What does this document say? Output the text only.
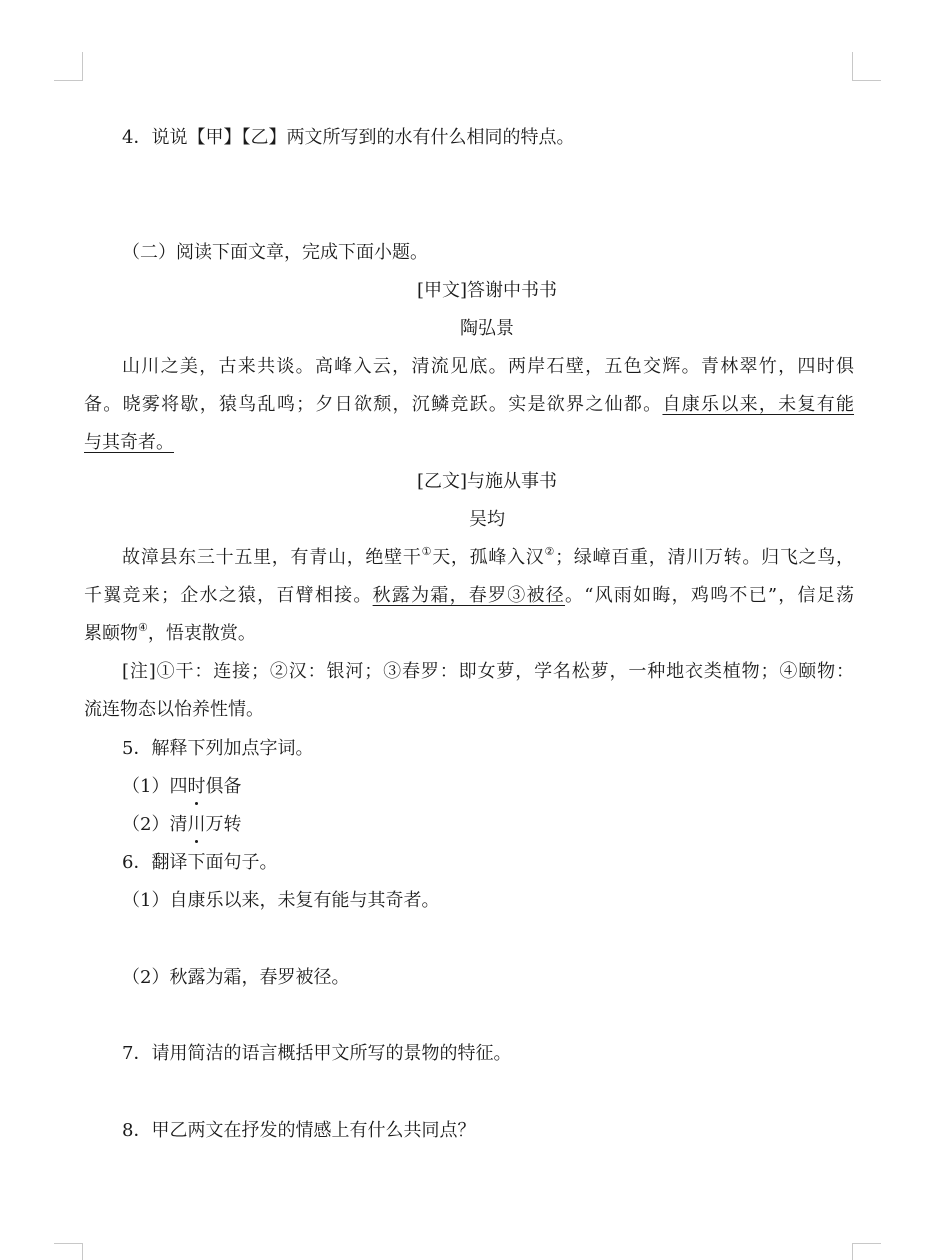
4．说说【甲】【乙】两文所写到的水有什么相同的特点。
（二）阅读下面文章，完成下面小题。
[甲文]答谢中书书
陶弘景
山川之美，古来共谈。高峰入云，清流见底。两岸石壁，五色交辉。青林翠竹，四时俱
备。晓雾将歇，猿鸟乱鸣；夕日欲颓，沉鳞竞跃。实是欲界之仙都。自康乐以来，未复有能
与其奇者。
[乙文]与施从事书
吴均
故漳县东三十五里，有青山，绝壁干①天，孤峰入汉②；绿嶂百重，清川万转。归飞之鸟，
千翼竞来；企水之猿，百臂相接。秋露为霜，春罗③被径。“风雨如晦，鸡鸣不已”，信足荡
累颐物④，悟衷散赏。
[注]①干：连接；②汉：银河；③春罗：即女萝，学名松萝，一种地衣类植物；④颐物：
流连物态以怡养性情。
5．解释下列加点字词。
（1）四时俱备
（2）清川万转
6．翻译下面句子。
（1）自康乐以来，未复有能与其奇者。
（2）秋露为霜，春罗被径。
7．请用简洁的语言概括甲文所写的景物的特征。
8．甲乙两文在抒发的情感上有什么共同点？
